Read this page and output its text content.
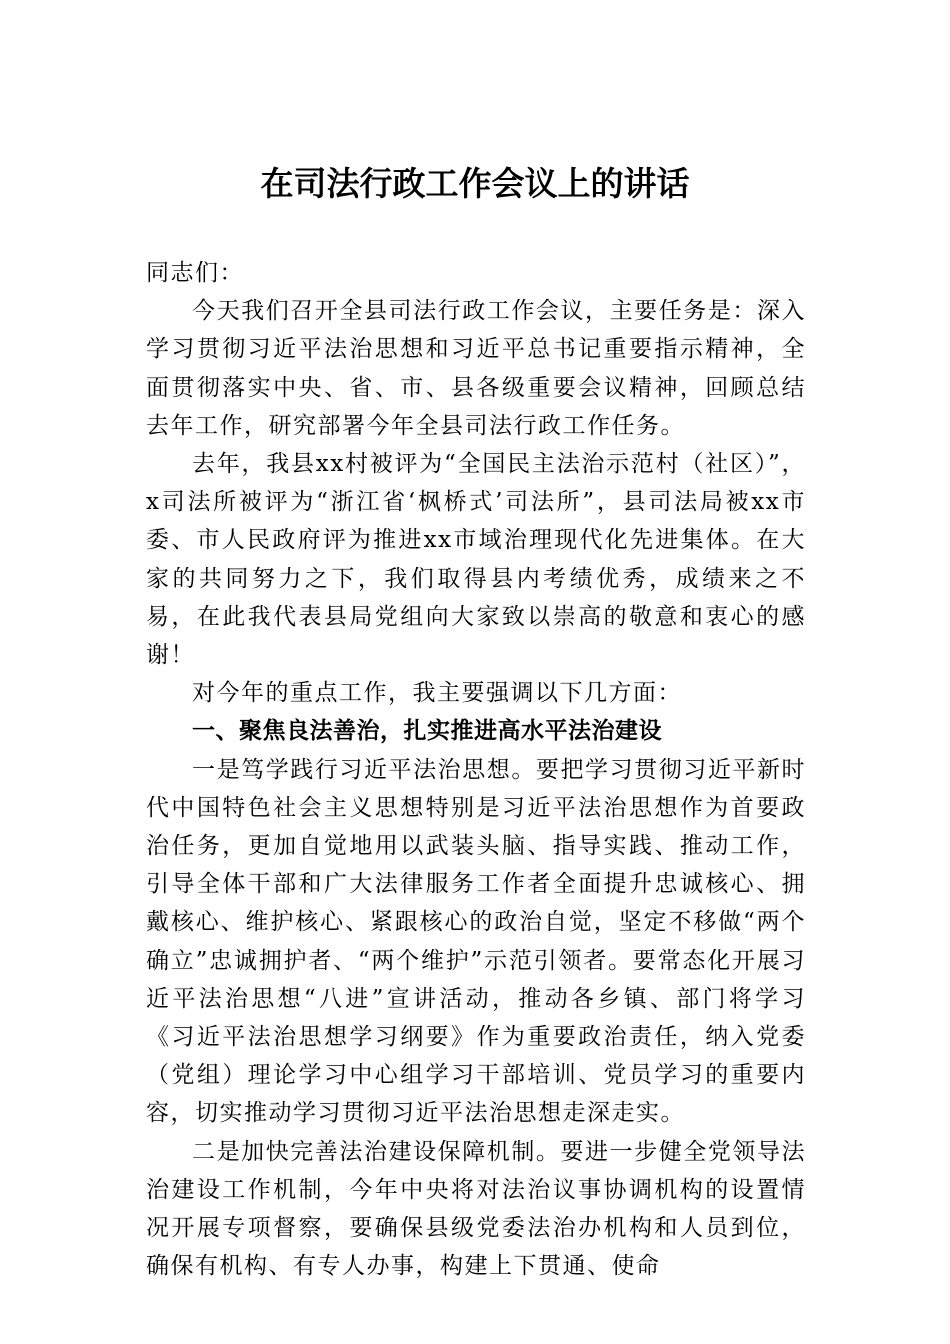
在司法行政工作会议上的讲话

同志们：

今天我们召开全县司法行政工作会议，主要任务是：深入学习贯彻习近平法治思想和习近平总书记重要指示精神，全面贯彻落实中央、省、市、县各级重要会议精神，回顾总结去年工作，研究部署今年全县司法行政工作任务。

去年，我县xx村被评为“全国民主法治示范村（社区）”，x司法所被评为“浙江省‘枫桥式’司法所”，县司法局被xx市委、市人民政府评为推进xx市域治理现代化先进集体。在大家的共同努力之下，我们取得县内考绩优秀，成绩来之不易，在此我代表县局党组向大家致以崇高的敬意和衷心的感谢！

对今年的重点工作，我主要强调以下几方面：

一、聚焦良法善治，扎实推进高水平法治建设

一是笃学践行习近平法治思想。要把学习贯彻习近平新时代中国特色社会主义思想特别是习近平法治思想作为首要政治任务，更加自觉地用以武装头脑、指导实践、推动工作，引导全体干部和广大法律服务工作者全面提升忠诚核心、拥戴核心、维护核心、紧跟核心的政治自觉，坚定不移做“两个确立”忠诚拥护者、“两个维护”示范引领者。要常态化开展习近平法治思想“八进”宣讲活动，推动各乡镇、部门将学习《习近平法治思想学习纲要》作为重要政治责任，纳入党委（党组）理论学习中心组学习干部培训、党员学习的重要内容，切实推动学习贯彻习近平法治思想走深走实。

二是加快完善法治建设保障机制。要进一步健全党领导法治建设工作机制，今年中央将对法治议事协调机构的设置情况开展专项督察，要确保县级党委法治办机构和人员到位，确保有机构、有专人办事，构建上下贯通、使命
